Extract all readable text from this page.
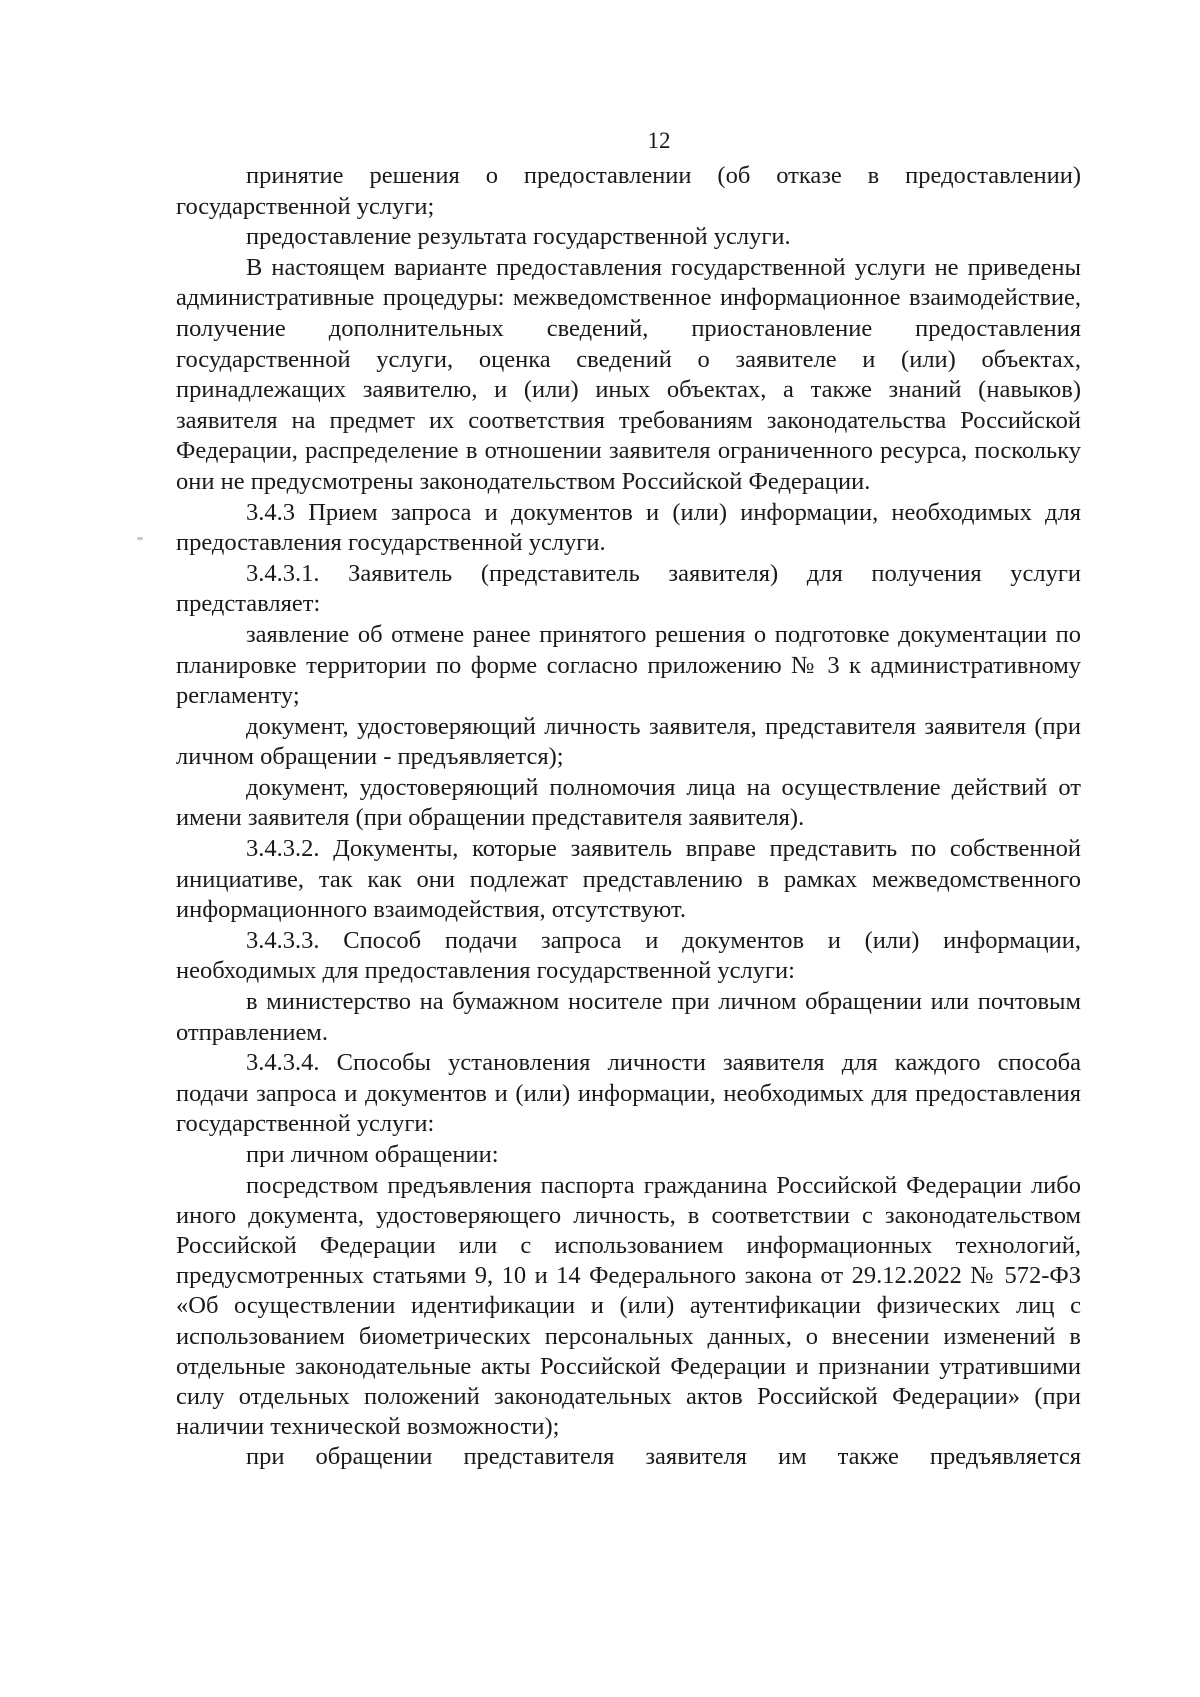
12

принятие решения о предоставлении (об отказе в предоставлении) государственной услуги;

предоставление результата государственной услуги.

В настоящем варианте предоставления государственной услуги не приведены административные процедуры: межведомственное информационное взаимодействие, получение дополнительных сведений, приостановление предоставления государственной услуги, оценка сведений о заявителе и (или) объектах, принадлежащих заявителю, и (или) иных объектах, а также знаний (навыков) заявителя на предмет их соответствия требованиям законодательства Российской Федерации, распределение в отношении заявителя ограниченного ресурса, поскольку они не предусмотрены законодательством Российской Федерации.

3.4.3 Прием запроса и документов и (или) информации, необходимых для предоставления государственной услуги.

3.4.3.1. Заявитель (представитель заявителя) для получения услуги представляет:

заявление об отмене ранее принятого решения о подготовке документации по планировке территории по форме согласно приложению № 3 к административному регламенту;

документ, удостоверяющий личность заявителя, представителя заявителя (при личном обращении - предъявляется);

документ, удостоверяющий полномочия лица на осуществление действий от имени заявителя (при обращении представителя заявителя).

3.4.3.2. Документы, которые заявитель вправе представить по собственной инициативе, так как они подлежат представлению в рамках межведомственного информационного взаимодействия, отсутствуют.

3.4.3.3. Способ подачи запроса и документов и (или) информации, необходимых для предоставления государственной услуги:

в министерство на бумажном носителе при личном обращении или почтовым отправлением.

3.4.3.4. Способы установления личности заявителя для каждого способа подачи запроса и документов и (или) информации, необходимых для предоставления государственной услуги:

при личном обращении:

посредством предъявления паспорта гражданина Российской Федерации либо иного документа, удостоверяющего личность, в соответствии с законодательством Российской Федерации или с использованием информационных технологий, предусмотренных статьями 9, 10 и 14 Федерального закона от 29.12.2022 № 572-ФЗ «Об осуществлении идентификации и (или) аутентификации физических лиц с использованием биометрических персональных данных, о внесении изменений в отдельные законодательные акты Российской Федерации и признании утратившими силу отдельных положений законодательных актов Российской Федерации» (при наличии технической возможности);

при обращении представителя заявителя им также предъявляется
